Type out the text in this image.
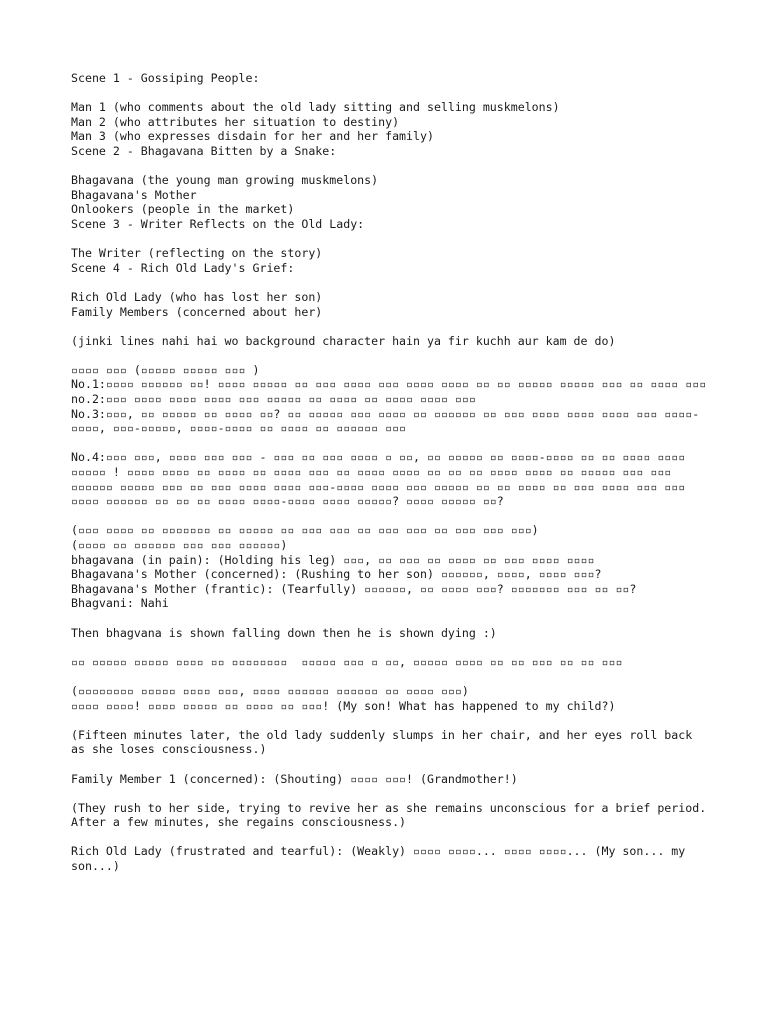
Scene 1 - Gossiping People:
Man 1 (who comments about the old lady sitting and selling muskmelons)
Man 2 (who attributes her situation to destiny)
Man 3 (who expresses disdain for her and her family)
Scene 2 - Bhagavana Bitten by a Snake:
Bhagavana (the young man growing muskmelons)
Bhagavana's Mother
Onlookers (people in the market)
Scene 3 - Writer Reflects on the Old Lady:
The Writer (reflecting on the story)
Scene 4 - Rich Old Lady's Grief:
Rich Old Lady (who has lost her son)
Family Members (concerned about her)
(jinki lines nahi hai wo background character hain ya fir kuchh aur kam de do)
▫▫▫▫ ▫▫▫ (▫▫▫▫▫ ▫▫▫▫▫ ▫▫▫ )
No.1:▫▫▫▫ ▫▫▫▫▫▫ ▫▫! ▫▫▫▫ ▫▫▫▫▫ ▫▫ ▫▫▫ ▫▫▫▫ ▫▫▫ ▫▫▫▫ ▫▫▫▫ ▫▫ ▫▫ ▫▫▫▫▫ ▫▫▫▫▫ ▫▫▫ ▫▫ ▫▫▫▫ ▫▫▫
no.2:▫▫▫ ▫▫▫▫ ▫▫▫▫ ▫▫▫▫ ▫▫▫ ▫▫▫▫▫ ▫▫ ▫▫▫▫ ▫▫ ▫▫▫▫ ▫▫▫▫ ▫▫▫
No.3:▫▫▫, ▫▫ ▫▫▫▫▫ ▫▫ ▫▫▫▫ ▫▫? ▫▫ ▫▫▫▫▫ ▫▫▫ ▫▫▫▫ ▫▫ ▫▫▫▫▫▫ ▫▫ ▫▫▫ ▫▫▫▫ ▫▫▫▫ ▫▫▫▫ ▫▫▫ ▫▫▫▫-▫▫▫▫, ▫▫▫-▫▫▫▫▫, ▫▫▫▫-▫▫▫▫ ▫▫ ▫▫▫▫ ▫▫ ▫▫▫▫▫▫ ▫▫▫
No.4:▫▫▫ ▫▫▫, ▫▫▫▫ ▫▫▫ ▫▫▫ - ▫▫▫ ▫▫ ▫▫▫ ▫▫▫▫ ▫ ▫▫, ▫▫ ▫▫▫▫▫ ▫▫ ▫▫▫▫-▫▫▫▫ ▫▫ ▫▫ ▫▫▫▫ ▫▫▫▫ ▫▫▫▫▫ ! ▫▫▫▫ ▫▫▫▫ ▫▫ ▫▫▫▫ ▫▫ ▫▫▫▫ ▫▫▫ ▫▫ ▫▫▫▫ ▫▫▫▫ ▫▫ ▫▫ ▫▫ ▫▫▫▫ ▫▫▫▫ ▫▫ ▫▫▫▫▫ ▫▫▫ ▫▫▫ ▫▫▫▫▫▫ ▫▫▫▫▫ ▫▫▫ ▫▫ ▫▫▫ ▫▫▫▫ ▫▫▫▫ ▫▫▫-▫▫▫▫ ▫▫▫▫ ▫▫▫ ▫▫▫▫▫ ▫▫ ▫▫ ▫▫▫▫ ▫▫ ▫▫▫ ▫▫▫▫ ▫▫▫ ▫▫▫ ▫▫▫▫ ▫▫▫▫▫▫ ▫▫ ▫▫ ▫▫ ▫▫▫▫ ▫▫▫▫-▫▫▫▫ ▫▫▫▫ ▫▫▫▫▫? ▫▫▫▫ ▫▫▫▫▫ ▫▫?
(▫▫▫ ▫▫▫▫ ▫▫ ▫▫▫▫▫▫▫ ▫▫ ▫▫▫▫▫ ▫▫ ▫▫▫ ▫▫▫ ▫▫ ▫▫▫ ▫▫▫ ▫▫ ▫▫▫ ▫▫▫ ▫▫▫)
(▫▫▫▫ ▫▫ ▫▫▫▫▫▫ ▫▫▫ ▫▫▫ ▫▫▫▫▫▫)
bhagavana (in pain): (Holding his leg) ▫▫▫, ▫▫ ▫▫▫ ▫▫ ▫▫▫▫ ▫▫ ▫▫▫ ▫▫▫▫ ▫▫▫▫
Bhagavana's Mother (concerned): (Rushing to her son) ▫▫▫▫▫▫, ▫▫▫▫, ▫▫▫▫ ▫▫▫?
Bhagavana's Mother (frantic): (Tearfully) ▫▫▫▫▫▫, ▫▫ ▫▫▫▫ ▫▫▫? ▫▫▫▫▫▫▫ ▫▫▫ ▫▫ ▫▫?
Bhagvani: Nahi
Then bhagvana is shown falling down then he is shown dying :)
▫▫ ▫▫▫▫▫ ▫▫▫▫▫ ▫▫▫▫ ▫▫ ▫▫▫▫▫▫▫▫  ▫▫▫▫▫ ▫▫▫ ▫ ▫▫, ▫▫▫▫▫ ▫▫▫▫ ▫▫ ▫▫ ▫▫▫ ▫▫ ▫▫ ▫▫▫
(▫▫▫▫▫▫▫▫ ▫▫▫▫▫ ▫▫▫▫ ▫▫▫, ▫▫▫▫ ▫▫▫▫▫▫ ▫▫▫▫▫▫ ▫▫ ▫▫▫▫ ▫▫▫)
▫▫▫▫ ▫▫▫▫! ▫▫▫▫ ▫▫▫▫▫ ▫▫ ▫▫▫▫ ▫▫ ▫▫▫! (My son! What has happened to my child?)
(Fifteen minutes later, the old lady suddenly slumps in her chair, and her eyes roll back as she loses consciousness.)
Family Member 1 (concerned): (Shouting) ▫▫▫▫ ▫▫▫! (Grandmother!)
(They rush to her side, trying to revive her as she remains unconscious for a brief period. After a few minutes, she regains consciousness.)
Rich Old Lady (frustrated and tearful): (Weakly) ▫▫▫▫ ▫▫▫▫... ▫▫▫▫ ▫▫▫▫... (My son... my son...)
